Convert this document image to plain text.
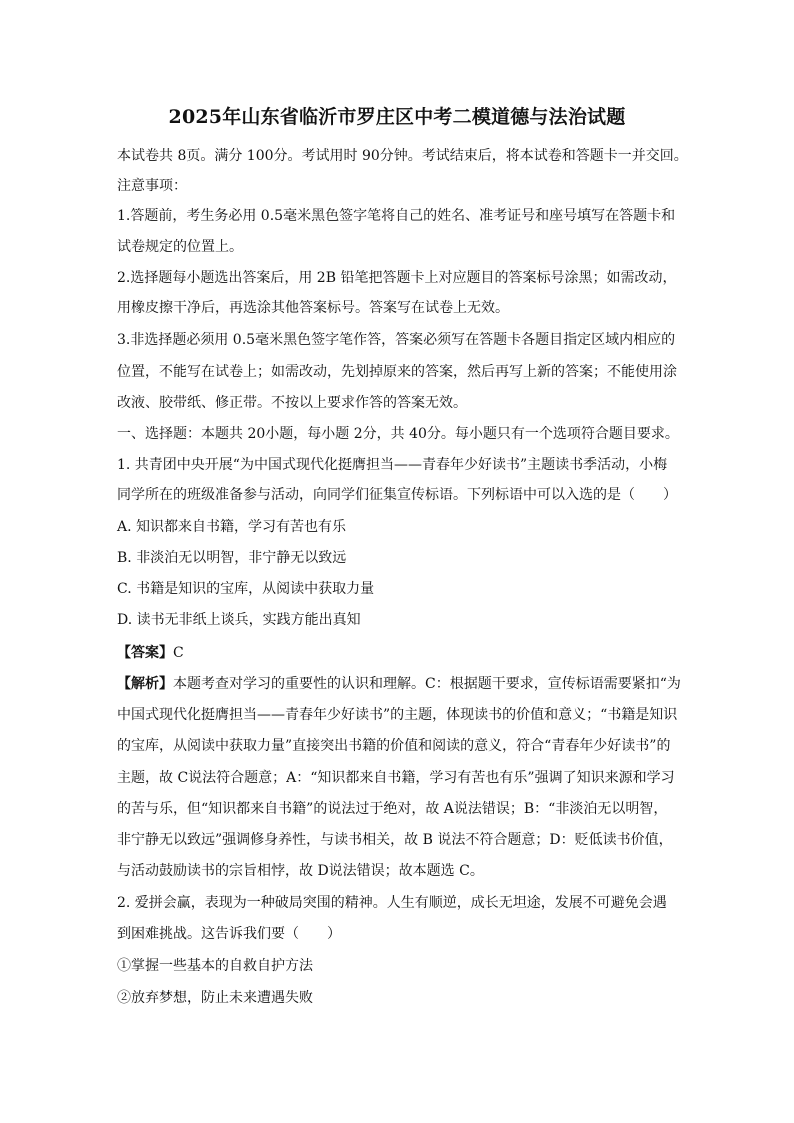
2025年山东省临沂市罗庄区中考二模道德与法治试题
本试卷共 8页。满分 100分。考试用时 90分钟。考试结束后，将本试卷和答题卡一并交回。
注意事项：
1.答题前，考生务必用 0.5毫米黑色签字笔将自己的姓名、准考证号和座号填写在答题卡和
试卷规定的位置上。
2.选择题每小题选出答案后，用 2B 铅笔把答题卡上对应题目的答案标号涂黑；如需改动，
用橡皮擦干净后，再选涂其他答案标号。答案写在试卷上无效。
3.非选择题必须用 0.5毫米黑色签字笔作答，答案必须写在答题卡各题目指定区域内相应的
位置，不能写在试卷上；如需改动，先划掉原来的答案，然后再写上新的答案；不能使用涂
改液、胶带纸、修正带。不按以上要求作答的答案无效。
一、选择题：本题共 20小题，每小题 2分，共 40分。每小题只有一个选项符合题目要求。
1. 共青团中央开展“为中国式现代化挺膺担当——青春年少好读书”主题读书季活动，小梅
同学所在的班级准备参与活动，向同学们征集宣传标语。下列标语中可以入选的是（　　）
A. 知识都来自书籍，学习有苦也有乐
B. 非淡泊无以明智，非宁静无以致远
C. 书籍是知识的宝库，从阅读中获取力量
D. 读书无非纸上谈兵，实践方能出真知
【答案】C
【解析】本题考查对学习的重要性的认识和理解。C：根据题干要求，宣传标语需要紧扣“为
中国式现代化挺膺担当——青春年少好读书”的主题，体现读书的价值和意义；“书籍是知识
的宝库，从阅读中获取力量”直接突出书籍的价值和阅读的意义，符合“青春年少好读书”的
主题，故 C说法符合题意；A：“知识都来自书籍，学习有苦也有乐”强调了知识来源和学习
的苦与乐，但“知识都来自书籍”的说法过于绝对，故 A说法错误；B：“非淡泊无以明智，
非宁静无以致远”强调修身养性，与读书相关，故 B 说法不符合题意；D：贬低读书价值，
与活动鼓励读书的宗旨相悖，故 D说法错误；故本题选 C。
2. 爱拼会赢，表现为一种破局突围的精神。人生有顺逆，成长无坦途，发展不可避免会遇
到困难挑战。这告诉我们要（　　）
①掌握一些基本的自救自护方法
②放弃梦想，防止未来遭遇失败
